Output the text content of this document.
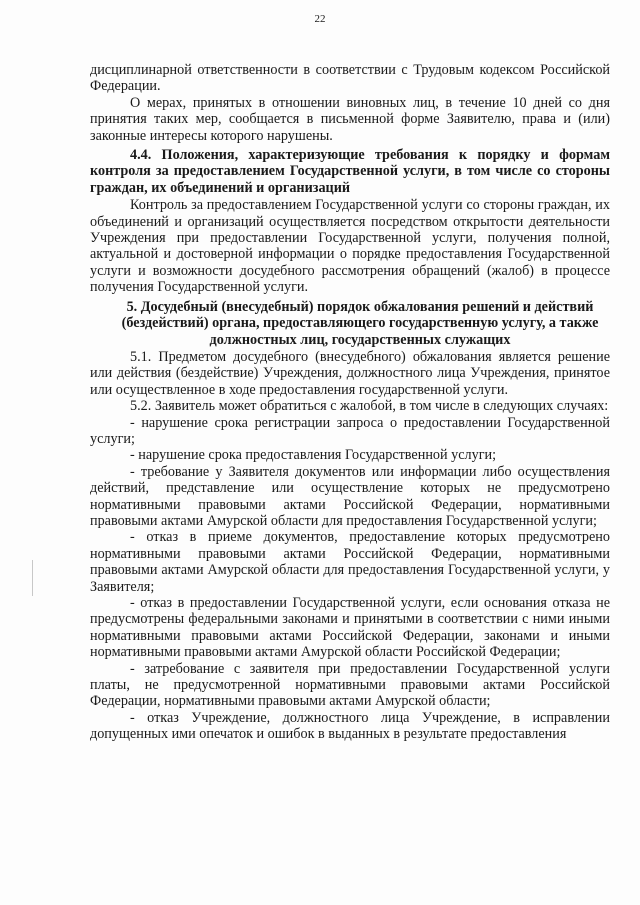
22

дисциплинарной ответственности в соответствии с Трудовым кодексом Российской Федерации.

О мерах, принятых в отношении виновных лиц, в течение 10 дней со дня принятия таких мер, сообщается в письменной форме Заявителю, права и (или) законные интересы которого нарушены.

4.4. Положения, характеризующие требования к порядку и формам контроля за предоставлением Государственной услуги, в том числе со стороны граждан, их объединений и организаций

Контроль за предоставлением Государственной услуги со стороны граждан, их объединений и организаций осуществляется посредством открытости деятельности Учреждения при предоставлении Государственной услуги, получения полной, актуальной и достоверной информации о порядке предоставления Государственной услуги и возможности досудебного рассмотрения обращений (жалоб) в процессе получения Государственной услуги.

5. Досудебный (внесудебный) порядок обжалования решений и действий (бездействий) органа, предоставляющего государственную услугу, а также должностных лиц, государственных служащих

5.1. Предметом досудебного (внесудебного) обжалования является решение или действия (бездействие) Учреждения, должностного лица Учреждения, принятое или осуществленное в ходе предоставления государственной услуги.

5.2. Заявитель может обратиться с жалобой, в том числе в следующих случаях:

- нарушение срока регистрации запроса о предоставлении Государственной услуги;

- нарушение срока предоставления Государственной услуги;

- требование у Заявителя документов или информации либо осуществления действий, представление или осуществление которых не предусмотрено нормативными правовыми актами Российской Федерации, нормативными правовыми актами Амурской области для предоставления Государственной услуги;

- отказ в приеме документов, предоставление которых предусмотрено нормативными правовыми актами Российской Федерации, нормативными правовыми актами Амурской области для предоставления Государственной услуги, у Заявителя;

- отказ в предоставлении Государственной услуги, если основания отказа не предусмотрены федеральными законами и принятыми в соответствии с ними иными нормативными правовыми актами Российской Федерации, законами и иными нормативными правовыми актами Амурской области Российской Федерации;

- затребование с заявителя при предоставлении Государственной услуги платы, не предусмотренной нормативными правовыми актами Российской Федерации, нормативными правовыми актами Амурской области;

- отказ Учреждение, должностного лица Учреждение, в исправлении допущенных ими опечаток и ошибок в выданных в результате предоставления
